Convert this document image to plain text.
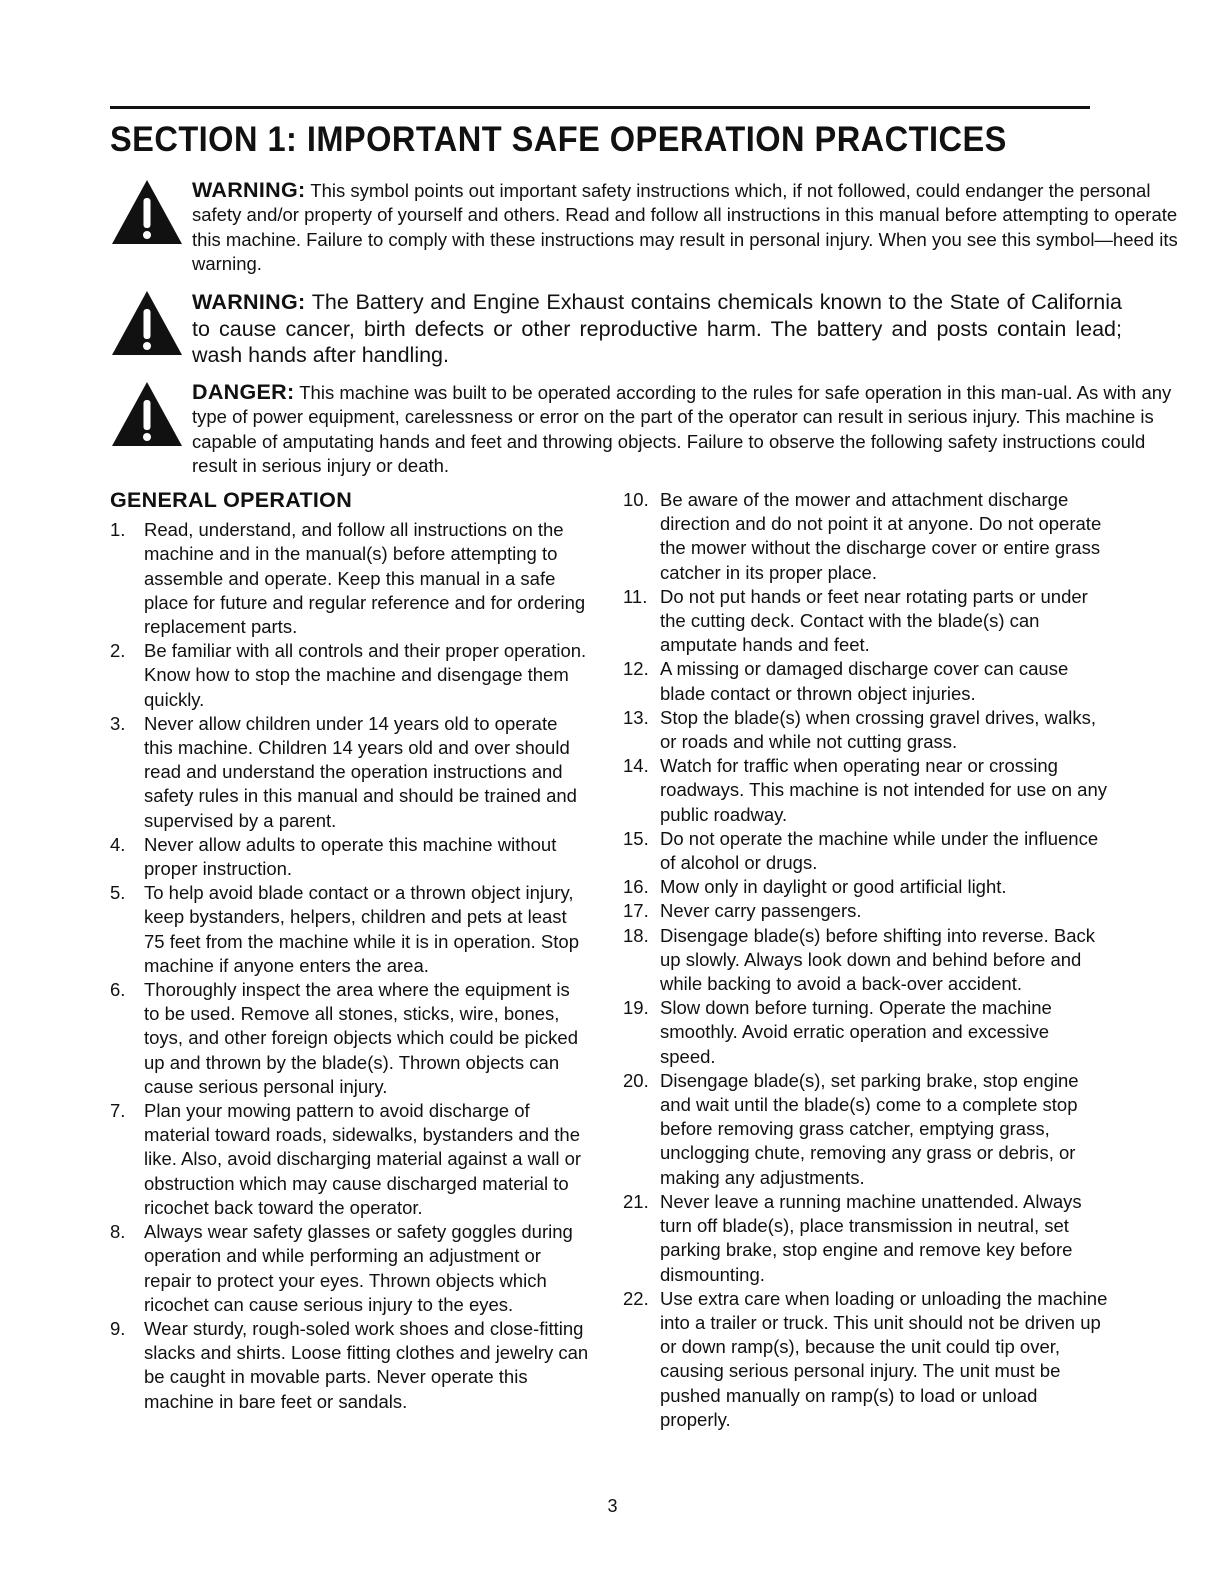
SECTION 1: IMPORTANT SAFE OPERATION PRACTICES

WARNING: This symbol points out important safety instructions which, if not followed, could endanger the personal safety and/or property of yourself and others. Read and follow all instructions in this manual before attempting to operate this machine. Failure to comply with these instructions may result in personal injury. When you see this symbol—heed its warning.

WARNING: The Battery and Engine Exhaust contains chemicals known to the State of California to cause cancer, birth defects or other reproductive harm. The battery and posts contain lead; wash hands after handling.

DANGER: This machine was built to be operated according to the rules for safe operation in this man-ual. As with any type of power equipment, carelessness or error on the part of the operator can result in serious injury. This machine is capable of amputating hands and feet and throwing objects. Failure to observe the following safety instructions could result in serious injury or death.

GENERAL OPERATION
1. Read, understand, and follow all instructions on the machine and in the manual(s) before attempting to assemble and operate. Keep this manual in a safe place for future and regular reference and for ordering replacement parts.
2. Be familiar with all controls and their proper operation. Know how to stop the machine and disengage them quickly.
3. Never allow children under 14 years old to operate this machine. Children 14 years old and over should read and understand the operation instructions and safety rules in this manual and should be trained and supervised by a parent.
4. Never allow adults to operate this machine without proper instruction.
5. To help avoid blade contact or a thrown object injury, keep bystanders, helpers, children and pets at least 75 feet from the machine while it is in operation. Stop machine if anyone enters the area.
6. Thoroughly inspect the area where the equipment is to be used. Remove all stones, sticks, wire, bones, toys, and other foreign objects which could be picked up and thrown by the blade(s). Thrown objects can cause serious personal injury.
7. Plan your mowing pattern to avoid discharge of material toward roads, sidewalks, bystanders and the like. Also, avoid discharging material against a wall or obstruction which may cause discharged material to ricochet back toward the operator.
8. Always wear safety glasses or safety goggles during operation and while performing an adjustment or repair to protect your eyes. Thrown objects which ricochet can cause serious injury to the eyes.
9. Wear sturdy, rough-soled work shoes and close-fitting slacks and shirts. Loose fitting clothes and jewelry can be caught in movable parts. Never operate this machine in bare feet or sandals.
10. Be aware of the mower and attachment discharge direction and do not point it at anyone. Do not operate the mower without the discharge cover or entire grass catcher in its proper place.
11. Do not put hands or feet near rotating parts or under the cutting deck. Contact with the blade(s) can amputate hands and feet.
12. A missing or damaged discharge cover can cause blade contact or thrown object injuries.
13. Stop the blade(s) when crossing gravel drives, walks, or roads and while not cutting grass.
14. Watch for traffic when operating near or crossing roadways. This machine is not intended for use on any public roadway.
15. Do not operate the machine while under the influence of alcohol or drugs.
16. Mow only in daylight or good artificial light.
17. Never carry passengers.
18. Disengage blade(s) before shifting into reverse. Back up slowly. Always look down and behind before and while backing to avoid a back-over accident.
19. Slow down before turning. Operate the machine smoothly. Avoid erratic operation and excessive speed.
20. Disengage blade(s), set parking brake, stop engine and wait until the blade(s) come to a complete stop before removing grass catcher, emptying grass, unclogging chute, removing any grass or debris, or making any adjustments.
21. Never leave a running machine unattended. Always turn off blade(s), place transmission in neutral, set parking brake, stop engine and remove key before dismounting.
22. Use extra care when loading or unloading the machine into a trailer or truck. This unit should not be driven up or down ramp(s), because the unit could tip over, causing serious personal injury. The unit must be pushed manually on ramp(s) to load or unload properly.
3
